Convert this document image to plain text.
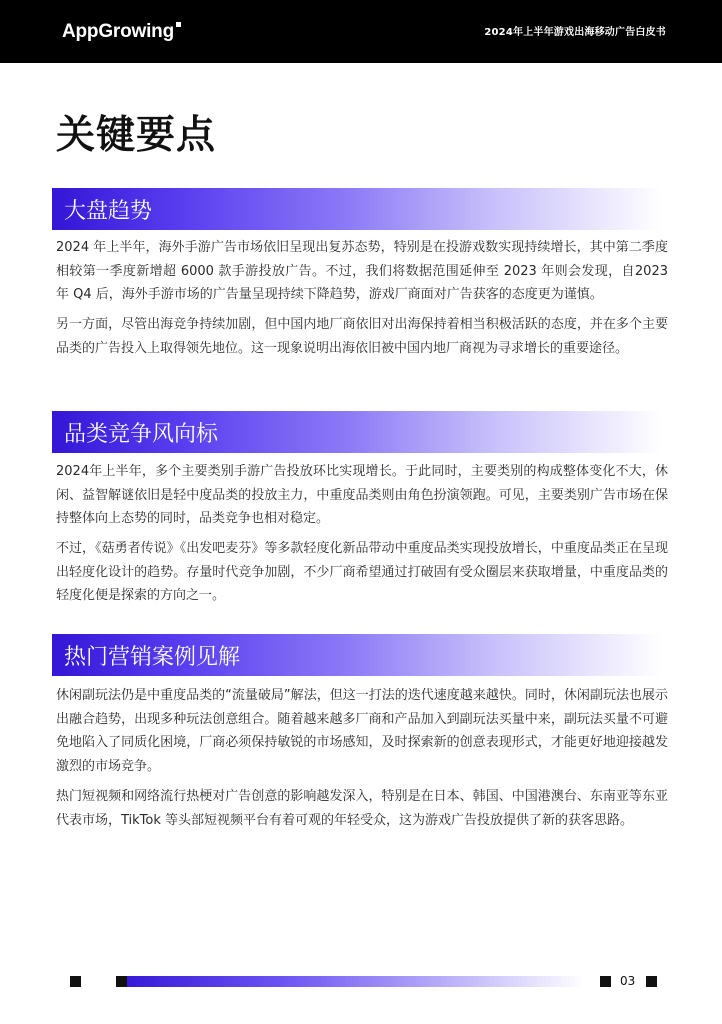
AppGrowing	2024年上半年游戏出海移动广告白皮书
关键要点
大盘趋势

2024 年上半年，海外手游广告市场依旧呈现出复苏态势，特别是在投游戏数实现持续增长，其中第二季度相较第一季度新增超 6000 款手游投放广告。不过，我们将数据范围延伸至 2023 年则会发现，自2023 年 Q4 后，海外手游市场的广告量呈现持续下降趋势，游戏厂商面对广告获客的态度更为谨慎。

另一方面，尽管出海竞争持续加剧，但中国内地厂商依旧对出海保持着相当积极活跃的态度，并在多个主要品类的广告投入上取得领先地位。这一现象说明出海依旧被中国内地厂商视为寻求增长的重要途径。

品类竞争风向标

2024年上半年，多个主要类别手游广告投放环比实现增长。于此同时，主要类别的构成整体变化不大，休闲、益智解谜依旧是轻中度品类的投放主力，中重度品类则由角色扮演领跑。可见，主要类别广告市场在保持整体向上态势的同时，品类竞争也相对稳定。

不过，《菇勇者传说》《出发吧麦芬》等多款轻度化新品带动中重度品类实现投放增长，中重度品类正在呈现出轻度化设计的趋势。存量时代竞争加剧，不少厂商希望通过打破固有受众圈层来获取增量，中重度品类的轻度化便是探索的方向之一。

热门营销案例见解

休闲副玩法仍是中重度品类的“流量破局”解法，但这一打法的迭代速度越来越快。同时，休闲副玩法也展示出融合趋势，出现多种玩法创意组合。随着越来越多厂商和产品加入到副玩法买量中来，副玩法买量不可避免地陷入了同质化困境，厂商必须保持敏锐的市场感知，及时探索新的创意表现形式，才能更好地迎接越发激烈的市场竞争。

热门短视频和网络流行热梗对广告创意的影响越发深入，特别是在日本、韩国、中国港澳台、东南亚等东亚代表市场，TikTok 等头部短视频平台有着可观的年轻受众，这为游戏广告投放提供了新的获客思路。

03
